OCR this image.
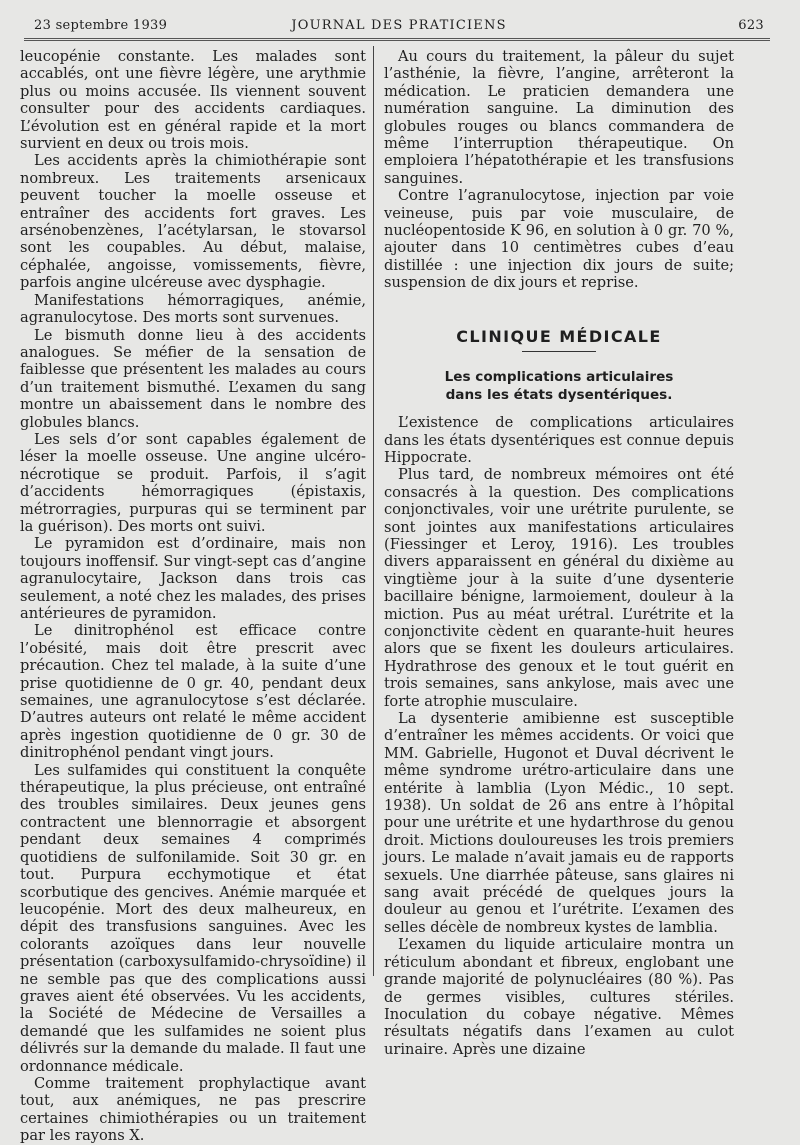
23 septembre 1939	JOURNAL DES PRATICIENS	623

leucopénie constante. Les malades sont accablés, ont une fièvre légère, une arythmie plus ou moins accusée. Ils viennent souvent consulter pour des accidents cardiaques. L’évolution est en général rapide et la mort survient en deux ou trois mois.

Les accidents après la chimiothérapie sont nombreux. Les traitements arsenicaux peuvent toucher la moelle osseuse et entraîner des accidents fort graves. Les arsénobenzènes, l’acétylarsan, le stovarsol sont les coupables. Au début, malaise, céphalée, angoisse, vomissements, fièvre, parfois angine ulcéreuse avec dysphagie.

Manifestations hémorragiques, anémie, agranulocytose. Des morts sont survenues.

Le bismuth donne lieu à des accidents analogues. Se méfier de la sensation de faiblesse que présentent les malades au cours d’un traitement bismuthé. L’examen du sang montre un abaissement dans le nombre des globules blancs.

Les sels d’or sont capables également de léser la moelle osseuse. Une angine ulcéro-nécrotique se produit. Parfois, il s’agit d’accidents hémorragiques (épistaxis, métrorragies, purpuras qui se terminent par la guérison). Des morts ont suivi.

Le pyramidon est d’ordinaire, mais non toujours inoffensif. Sur vingt-sept cas d’angine agranulocytaire, Jackson dans trois cas seulement, a noté chez les malades, des prises antérieures de pyramidon.

Le dinitrophénol est efficace contre l’obésité, mais doit être prescrit avec précaution. Chez tel malade, à la suite d’une prise quotidienne de 0 gr. 40, pendant deux semaines, une agranulocytose s’est déclarée. D’autres auteurs ont relaté le même accident après ingestion quotidienne de 0 gr. 30 de dinitrophénol pendant vingt jours.

Les sulfamides qui constituent la conquête thérapeutique, la plus précieuse, ont entraîné des troubles similaires. Deux jeunes gens contractent une blennorragie et absorgent pendant deux semaines 4 comprimés quotidiens de sulfonilamide. Soit 30 gr. en tout. Purpura ecchymotique et état scorbutique des gencives. Anémie marquée et leucopénie. Mort des deux malheureux, en dépit des transfusions sanguines. Avec les colorants azoïques dans leur nouvelle présentation (carboxysulfamido-chrysoïdine) il ne semble pas que des complications aussi graves aient été observées. Vu les accidents, la Société de Médecine de Versailles a demandé que les sulfamides ne soient plus délivrés sur la demande du malade. Il faut une ordonnance médicale.

Comme traitement prophylactique avant tout, aux anémiques, ne pas prescrire certaines chimiothérapies ou un traitement par les rayons X.

Au cours du traitement, la pâleur du sujet l’asthénie, la fièvre, l’angine, arrêteront la médication. Le praticien demandera une numération sanguine. La diminution des globules rouges ou blancs commandera de même l’interruption thérapeutique. On emploiera l’hépatothérapie et les transfusions sanguines.

Contre l’agranulocytose, injection par voie veineuse, puis par voie musculaire, de nucléopentoside K 96, en solution à 0 gr. 70 %, ajouter dans 10 centimètres cubes d’eau distillée : une injection dix jours de suite; suspension de dix jours et reprise.

CLINIQUE MÉDICALE
Les complications articulaires
dans les états dysentériques.

L’existence de complications articulaires dans les états dysentériques est connue depuis Hippocrate.

Plus tard, de nombreux mémoires ont été consacrés à la question. Des complications conjonctivales, voir une urétrite purulente, se sont jointes aux manifestations articulaires (Fiessinger et Leroy, 1916). Les troubles divers apparaissent en général du dixième au vingtième jour à la suite d’une dysenterie bacillaire bénigne, larmoiement, douleur à la miction. Pus au méat urétral. L’urétrite et la conjonctivite cèdent en quarante-huit heures alors que se fixent les douleurs articulaires. Hydrathrose des genoux et le tout guérit en trois semaines, sans ankylose, mais avec une forte atrophie musculaire.

La dysenterie amibienne est susceptible d’entraîner les mêmes accidents. Or voici que MM. Gabrielle, Hugonot et Duval décrivent le même syndrome urétro-articulaire dans une entérite à lamblia (Lyon Médic., 10 sept. 1938). Un soldat de 26 ans entre à l’hôpital pour une urétrite et une hydarthrose du genou droit. Mictions douloureuses les trois premiers jours. Le malade n’avait jamais eu de rapports sexuels. Une diarrhée pâteuse, sans glaires ni sang avait précédé de quelques jours la douleur au genou et l’urétrite. L’examen des selles décèle de nombreux kystes de lamblia.

L’examen du liquide articulaire montra un réticulum abondant et fibreux, englobant une grande majorité de polynucléaires (80 %). Pas de germes visibles, cultures stériles. Inoculation du cobaye négative. Mêmes résultats négatifs dans l’examen au culot urinaire. Après une dizaine
